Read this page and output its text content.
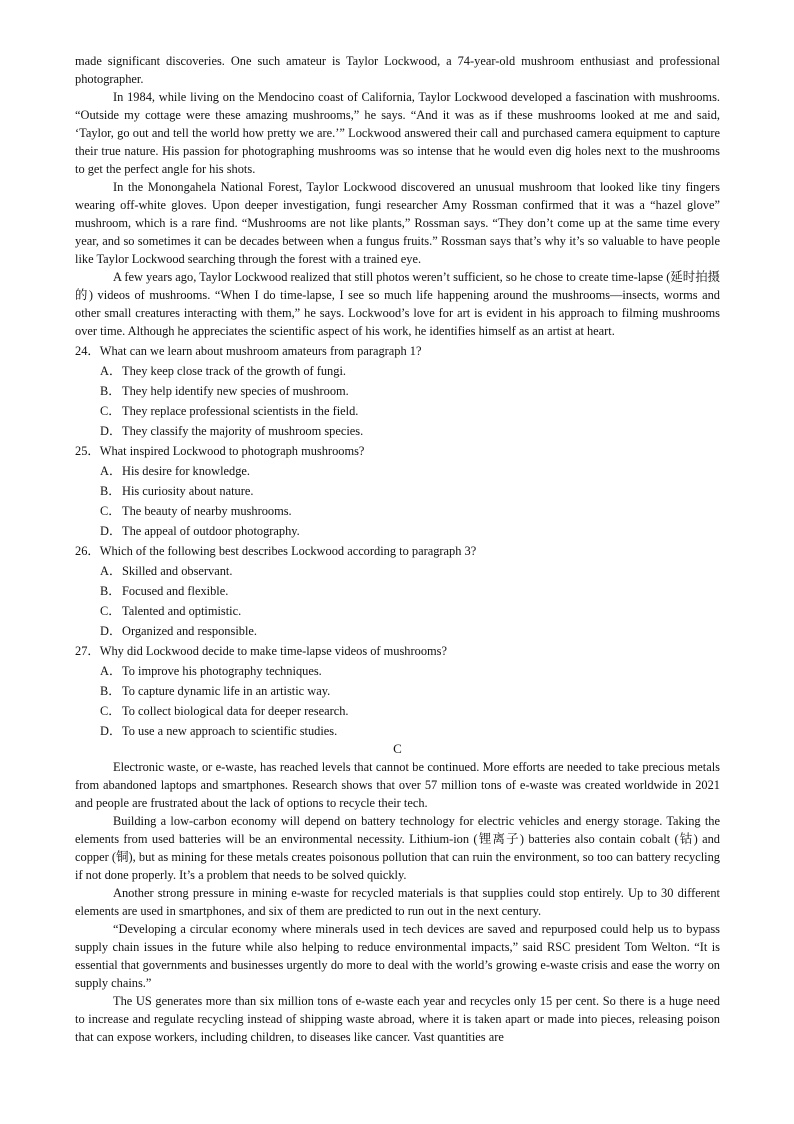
made significant discoveries. One such amateur is Taylor Lockwood, a 74-year-old mushroom enthusiast and professional photographer.

In 1984, while living on the Mendocino coast of California, Taylor Lockwood developed a fascination with mushrooms. “Outside my cottage were these amazing mushrooms,” he says. “And it was as if these mushrooms looked at me and said, ‘Taylor, go out and tell the world how pretty we are.’” Lockwood answered their call and purchased camera equipment to capture their true nature. His passion for photographing mushrooms was so intense that he would even dig holes next to the mushrooms to get the perfect angle for his shots.

In the Monongahela National Forest, Taylor Lockwood discovered an unusual mushroom that looked like tiny fingers wearing off-white gloves. Upon deeper investigation, fungi researcher Amy Rossman confirmed that it was a “hazel glove” mushroom, which is a rare find. “Mushrooms are not like plants,” Rossman says. “They don’t come up at the same time every year, and so sometimes it can be decades between when a fungus fruits.” Rossman says that’s why it’s so valuable to have people like Taylor Lockwood searching through the forest with a trained eye.

A few years ago, Taylor Lockwood realized that still photos weren’t sufficient, so he chose to create time-lapse (延时拍摄的) videos of mushrooms. “When I do time-lapse, I see so much life happening around the mushrooms—insects, worms and other small creatures interacting with them,” he says. Lockwood’s love for art is evident in his approach to filming mushrooms over time. Although he appreciates the scientific aspect of his work, he identifies himself as an artist at heart.

24．What can we learn about mushroom amateurs from paragraph 1?

A．They keep close track of the growth of fungi.

B．They help identify new species of mushroom.

C．They replace professional scientists in the field.

D．They classify the majority of mushroom species.

25．What inspired Lockwood to photograph mushrooms?

A．His desire for knowledge.

B．His curiosity about nature.

C．The beauty of nearby mushrooms.

D．The appeal of outdoor photography.

26．Which of the following best describes Lockwood according to paragraph 3?

A．Skilled and observant.

B．Focused and flexible.

C．Talented and optimistic.

D．Organized and responsible.

27．Why did Lockwood decide to make time-lapse videos of mushrooms?

A．To improve his photography techniques.

B．To capture dynamic life in an artistic way.

C．To collect biological data for deeper research.

D．To use a new approach to scientific studies.

C

Electronic waste, or e-waste, has reached levels that cannot be continued. More efforts are needed to take precious metals from abandoned laptops and smartphones. Research shows that over 57 million tons of e-waste was created worldwide in 2021 and people are frustrated about the lack of options to recycle their tech.

Building a low-carbon economy will depend on battery technology for electric vehicles and energy storage. Taking the elements from used batteries will be an environmental necessity. Lithium-ion (锂离子) batteries also contain cobalt (钴) and copper (铜), but as mining for these metals creates poisonous pollution that can ruin the environment, so too can battery recycling if not done properly. It’s a problem that needs to be solved quickly.

Another strong pressure in mining e-waste for recycled materials is that supplies could stop entirely. Up to 30 different elements are used in smartphones, and six of them are predicted to run out in the next century.

“Developing a circular economy where minerals used in tech devices are saved and repurposed could help us to bypass supply chain issues in the future while also helping to reduce environmental impacts,” said RSC president Tom Welton. “It is essential that governments and businesses urgently do more to deal with the world’s growing e-waste crisis and ease the worry on supply chains.”

The US generates more than six million tons of e-waste each year and recycles only 15 per cent. So there is a huge need to increase and regulate recycling instead of shipping waste abroad, where it is taken apart or made into pieces, releasing poison that can expose workers, including children, to diseases like cancer. Vast quantities are
